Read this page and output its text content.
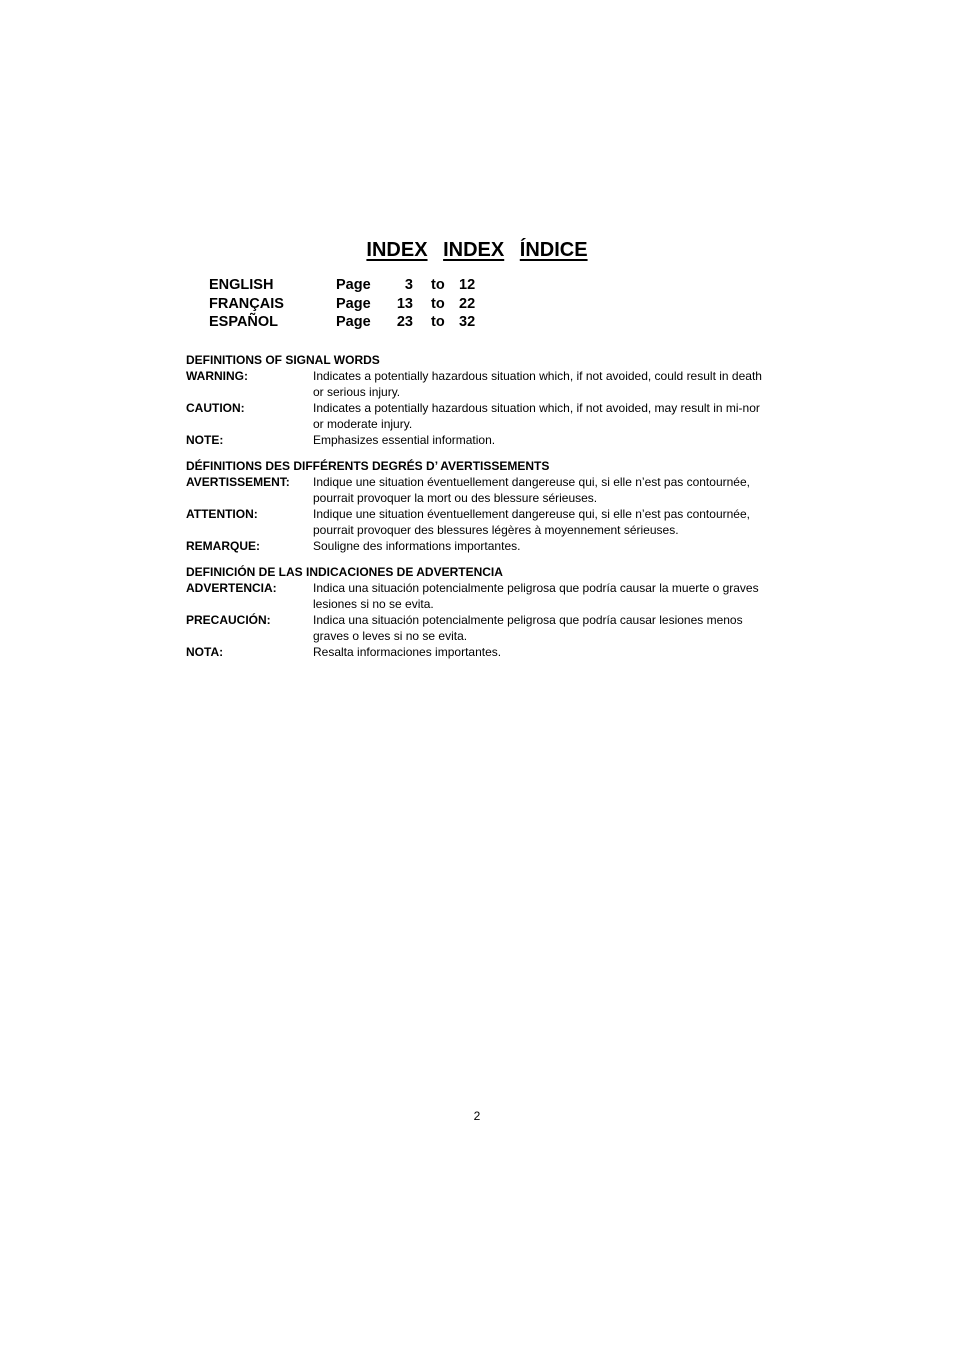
INDEX INDEX ÍNDICE
ENGLISH	Page	3 to 12
FRANÇAIS	Page	13 to 22
ESPAÑOL	Page	23 to 32
DEFINITIONS OF SIGNAL WORDS
WARNING:	Indicates a potentially hazardous situation which, if not avoided, could result in death or serious injury.
CAUTION:	Indicates a potentially hazardous situation which, if not avoided, may result in mi-nor or moderate injury.
NOTE:	Emphasizes essential information.
DÉFINITIONS DES DIFFÉRENTS DEGRÉS D’ AVERTISSEMENTS
AVERTISSEMENT: Indique une situation éventuellement dangereuse qui, si elle n’est pas contournée, pourrait provoquer la mort ou des blessure sérieuses.
ATTENTION:	Indique une situation éventuellement dangereuse qui, si elle n’est pas contournée, pourrait provoquer des blessures légères à moyennement sérieuses.
REMARQUE:	Souligne des informations importantes.
DEFINICIÓN DE LAS INDICACIONES DE ADVERTENCIA
ADVERTENCIA:	Indica una situación potencialmente peligrosa que podría causar la muerte o graves lesiones si no se evita.
PRECAUCIÓN:	Indica una situación potencialmente peligrosa que podría causar lesiones menos graves o leves si no se evita.
NOTA:	Resalta informaciones importantes.
2
